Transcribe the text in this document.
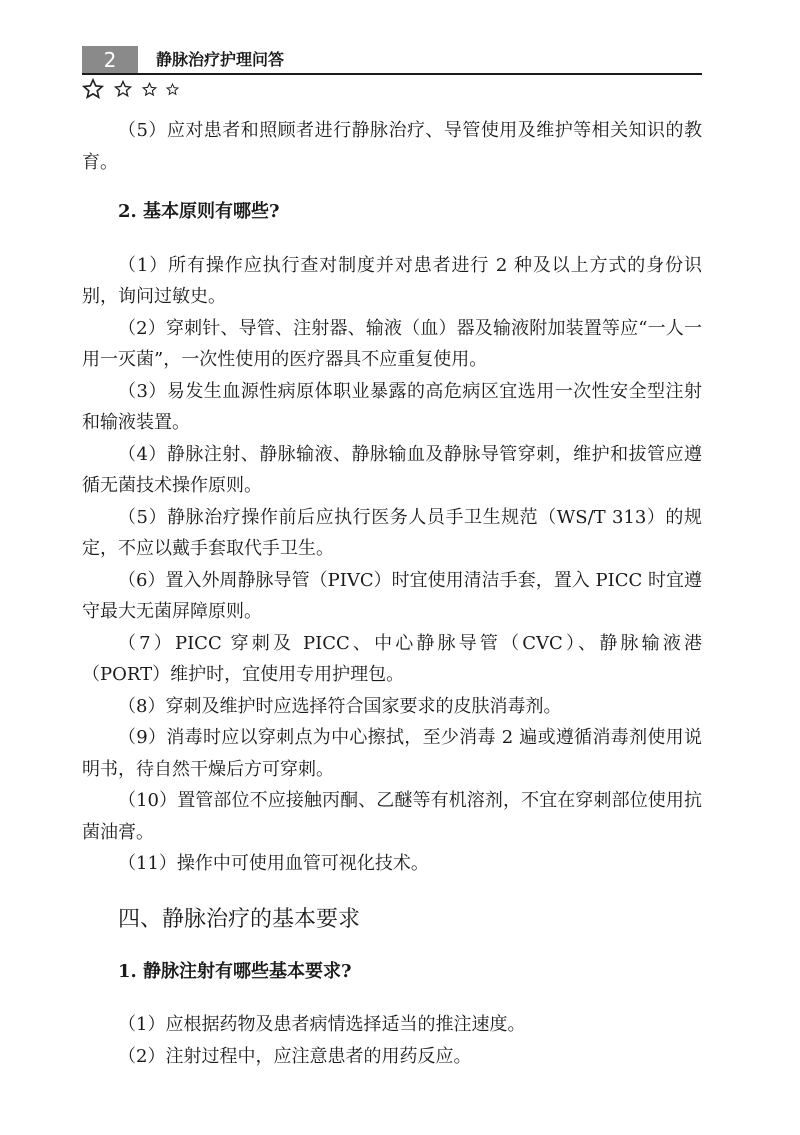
2	静脉治疗护理问答

（5）应对患者和照顾者进行静脉治疗、导管使用及维护等相关知识的教育。

2. 基本原则有哪些?

（1）所有操作应执行查对制度并对患者进行 2 种及以上方式的身份识别，询问过敏史。

（2）穿刺针、导管、注射器、输液（血）器及输液附加装置等应“一人一用一灭菌”，一次性使用的医疗器具不应重复使用。

（3）易发生血源性病原体职业暴露的高危病区宜选用一次性安全型注射和输液装置。

（4）静脉注射、静脉输液、静脉输血及静脉导管穿刺，维护和拔管应遵循无菌技术操作原则。

（5）静脉治疗操作前后应执行医务人员手卫生规范（WS/T 313）的规定，不应以戴手套取代手卫生。

（6）置入外周静脉导管（PIVC）时宜使用清洁手套，置入 PICC 时宜遵守最大无菌屏障原则。

（7）PICC 穿刺及 PICC、中心静脉导管（CVC）、静脉输液港（PORT）维护时，宜使用专用护理包。

（8）穿刺及维护时应选择符合国家要求的皮肤消毒剂。

（9）消毒时应以穿刺点为中心擦拭，至少消毒 2 遍或遵循消毒剂使用说明书，待自然干燥后方可穿刺。

（10）置管部位不应接触丙酮、乙醚等有机溶剂，不宜在穿刺部位使用抗菌油膏。

（11）操作中可使用血管可视化技术。

四、静脉治疗的基本要求
1. 静脉注射有哪些基本要求?

（1）应根据药物及患者病情选择适当的推注速度。

（2）注射过程中，应注意患者的用药反应。
